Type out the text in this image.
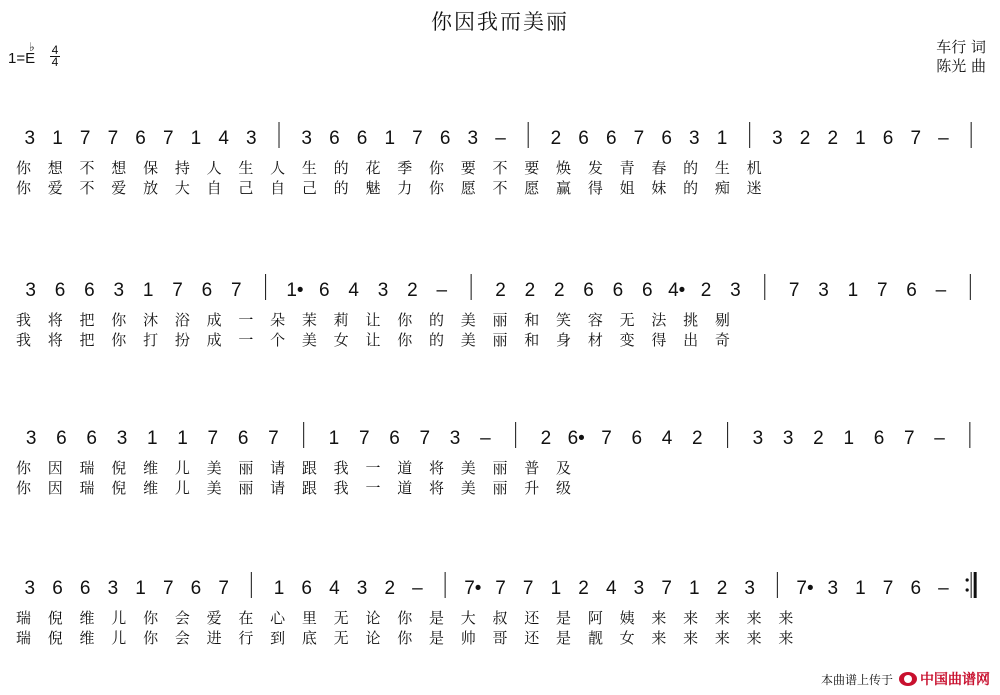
你因我而美丽
1=E
♭ 4
4
车行 词
陈光 曲
3 1 7 7 6 7 1 4 3 3 6 6 1 7 6 3 – 2 6 6 7 6 3 1 3 2 2 1 6 7 –
你 想 不 想 保 持 人 生 人 生 的 花 季 你 要 不 要 焕 发 青 春 的 生 机
你 爱 不 爱 放 大 自 己 自 己 的 魅 力 你 愿 不 愿 赢 得 姐 妹 的 痴 迷
3 6 6 3 1 7 6 7 1• 6 4 3 2 –	2 2 2 6 6 6 4• 2 3	7 3 1 7 6 –
我 将 把 你 沐 浴 成 一 朵 茉 莉 让 你 的 美 丽 和 笑 容 无 法 挑 剔
我 将 把 你 打 扮 成 一 个 美 女 让 你 的 美 丽 和 身 材 变 得 出 奇
3 6 6 3 1 1 7 6 7	1 7 6 7 3 –	2 6• 7 6 4 2	3 3 2 1 6 7 –
你 因 瑞 倪 维 儿 美 丽 请 跟 我 一 道 将 美 丽 普 及
你 因 瑞 倪 维 儿 美 丽 请 跟 我 一 道 将 美 丽 升 级
3 6 6 3 1 7 6 7 1 6 4 3 2 – 7• 7 7 1 2 4 3 7 1 2 3 7• 3 1 7 6 –
瑞 倪 维 儿 你 会 爱 在 心 里 无 论 你 是 大 叔 还 是 阿 姨 来 来 来 来 来
瑞 倪 维 儿 你 会 进 行 到 底 无 论 你 是 帅 哥 还 是 靓 女 来 来 来 来 来
本曲谱上传于 中国曲谱网
